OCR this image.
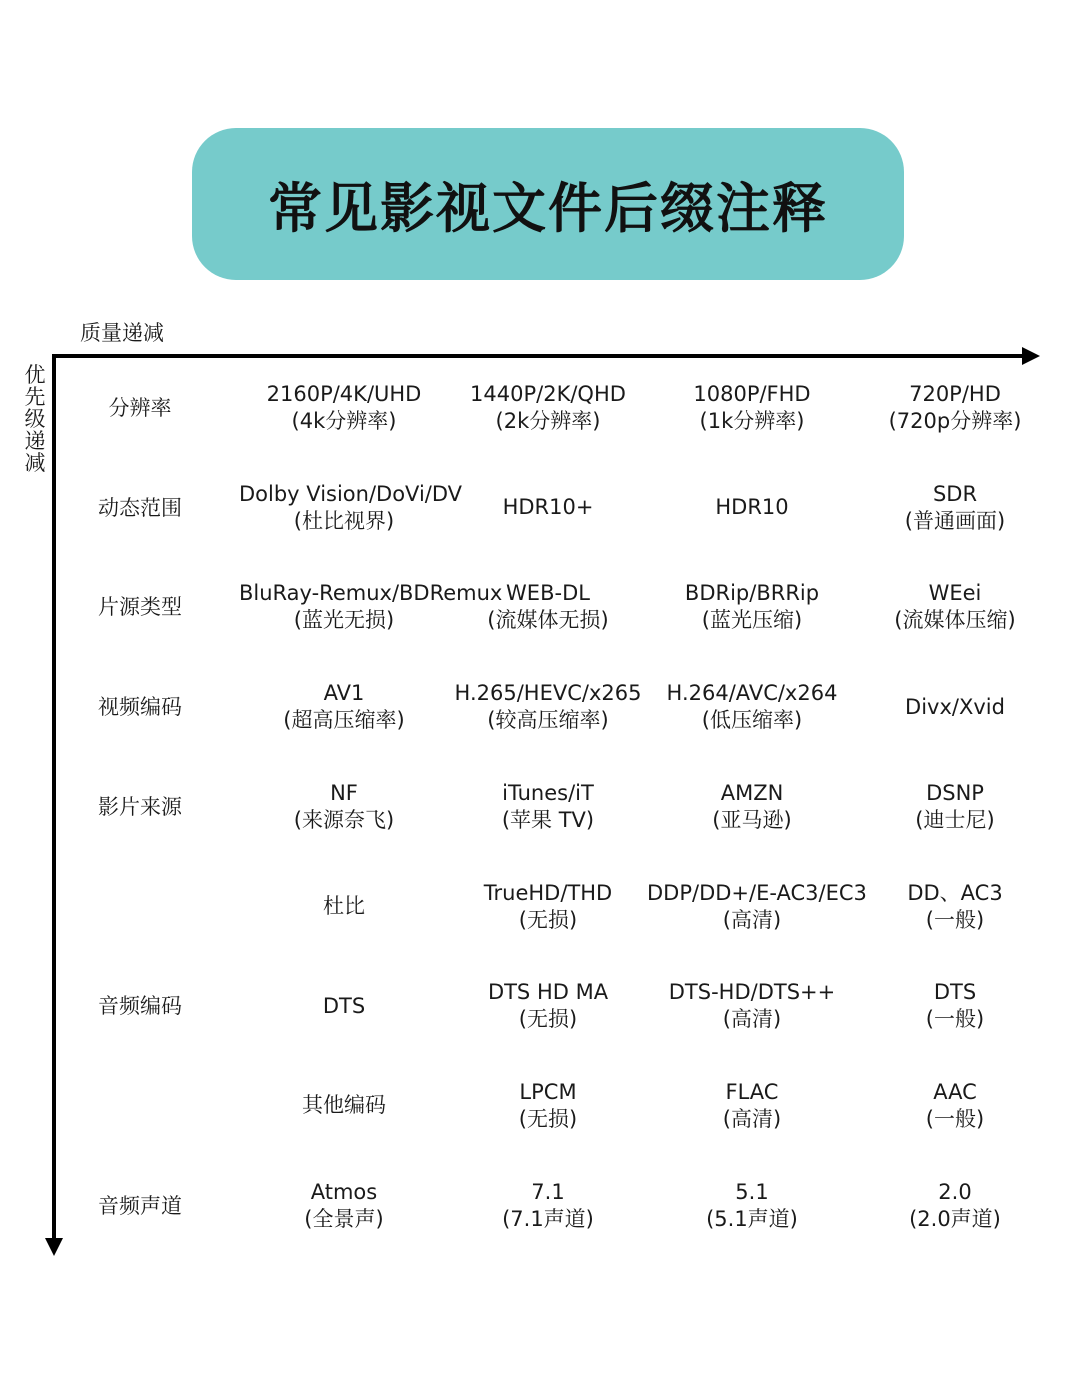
常见影视文件后缀注释
质量递减
优
先
级
递
减
分辨率
2160P/4K/UHD
(4k分辨率)
1440P/2K/QHD
(2k分辨率)
1080P/FHD
(1k分辨率)
720P/HD
(720p分辨率)
动态范围
Dolby Vision/DoVi/DV
(杜比视界)
HDR10+	HDR10
SDR
(普通画面)
片源类型
BluRay-Remux/BDRemux
(蓝光无损)
WEB-DL
(流媒体无损)
BDRip/BRRip
(蓝光压缩)
WEei
(流媒体压缩)
视频编码
AV1
(超高压缩率)
H.265/HEVC/x265
(较高压缩率)
H.264/AVC/x264
(低压缩率)
Divx/Xvid
影片来源
NF
(来源奈飞)
iTunes/iT
(苹果 TV)
AMZN
(亚马逊)
DSNP
(迪士尼)
杜比
TrueHD/THD
(无损)
DDP/DD+/E-AC3/EC3
(高清)
DD、AC3
(一般)
音频编码	DTS
DTS HD MA
(无损)
DTS-HD/DTS++
(高清)
DTS
(一般)
其他编码
LPCM
(无损)
FLAC
(高清)
AAC
(一般)
音频声道
Atmos
(全景声)
7.1
(7.1声道)
5.1
(5.1声道)
2.0
(2.0声道)
